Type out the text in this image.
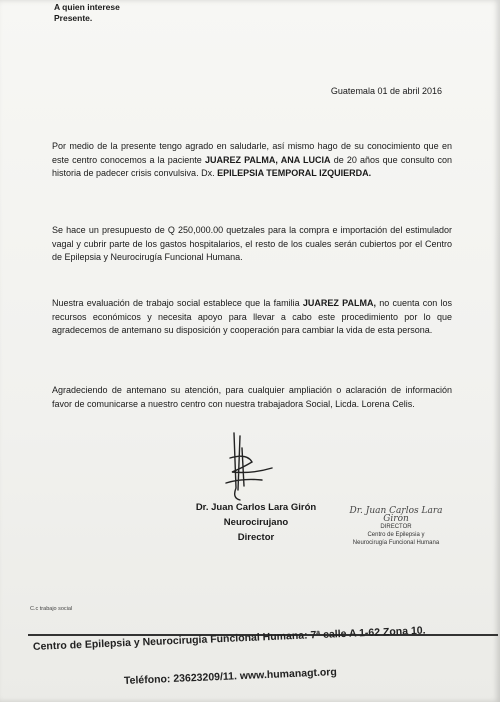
A quien interese
Presente.
Guatemala 01 de abril 2016
Por medio de la presente tengo agrado en saludarle, así mismo hago de su conocimiento que en este centro conocemos a la paciente JUAREZ PALMA, ANA LUCIA de 20 años que consulto con historia de padecer crisis convulsiva. Dx. EPILEPSIA TEMPORAL IZQUIERDA.
Se hace un presupuesto de Q 250,000.00 quetzales para la compra e importación del estimulador vagal y cubrir parte de los gastos hospitalarios, el resto de los cuales serán cubiertos por el Centro de Epilepsia y Neurocirugía Funcional Humana.
Nuestra evaluación de trabajo social establece que la familia JUAREZ PALMA, no cuenta con los recursos económicos y necesita apoyo para llevar a cabo este procedimiento por lo que agradecemos de antemano su disposición y cooperación para cambiar la vida de esta persona.
Agradeciendo de antemano su atención, para cualquier ampliación o aclaración de información favor de comunicarse a nuestro centro con nuestra trabajadora Social, Licda. Lorena Celis.
Dr. Juan Carlos Lara Girón
Neurocirujano
Director
Dr. Juan Carlos Lara Girón
DIRECTOR
Centro de Epilepsia y
Neurocirugía Funcional Humana
C.c trabajo social
Centro de Epilepsia y Neurocirugía Funcional Humana: 7ª calle A 1-62 Zona 10.
Teléfono: 23623209/11. www.humanagt.org
